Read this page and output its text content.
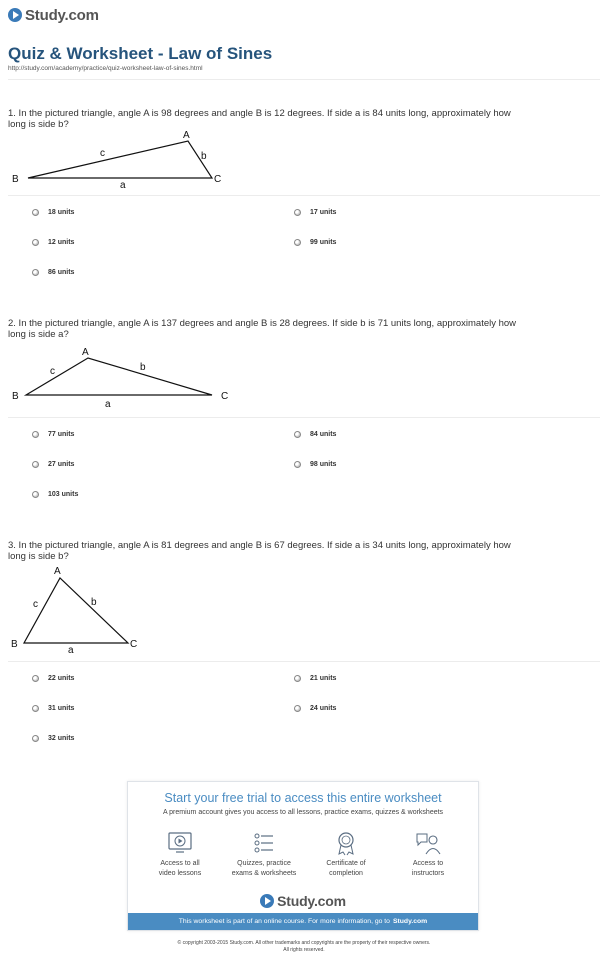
Study.com
Quiz & Worksheet - Law of Sines
http://study.com/academy/practice/quiz-worksheet-law-of-sines.html
1. In the pictured triangle, angle A is 98 degrees and angle B is 12 degrees. If side a is 84 units long, approximately how long is side b?
A
B	C
a
b
c
18 units	17 units
12 units	99 units
86 units
2. In the pictured triangle, angle A is 137 degrees and angle B is 28 degrees. If side b is 71 units long, approximately how long is side a?
A
B	C
a
b
c
77 units	84 units
27 units	98 units
103 units
3. In the pictured triangle, angle A is 81 degrees and angle B is 67 degrees. If side a is 34 units long, approximately how long is side b?
A
B	C
a
b
c
22 units	21 units
31 units	24 units
32 units
Start your free trial to access this entire worksheet
A premium account gives you access to all lessons, practice exams, quizzes & worksheets
Access to all
video lessons
Quizzes, practice
exams & worksheets
Certificate of
completion
Access to
instructors
Study.com
This worksheet is part of an online course. For more information, go to Study.com
© copyright 2003-2015 Study.com. All other trademarks and copyrights are the property of their respective owners.
All rights reserved.
